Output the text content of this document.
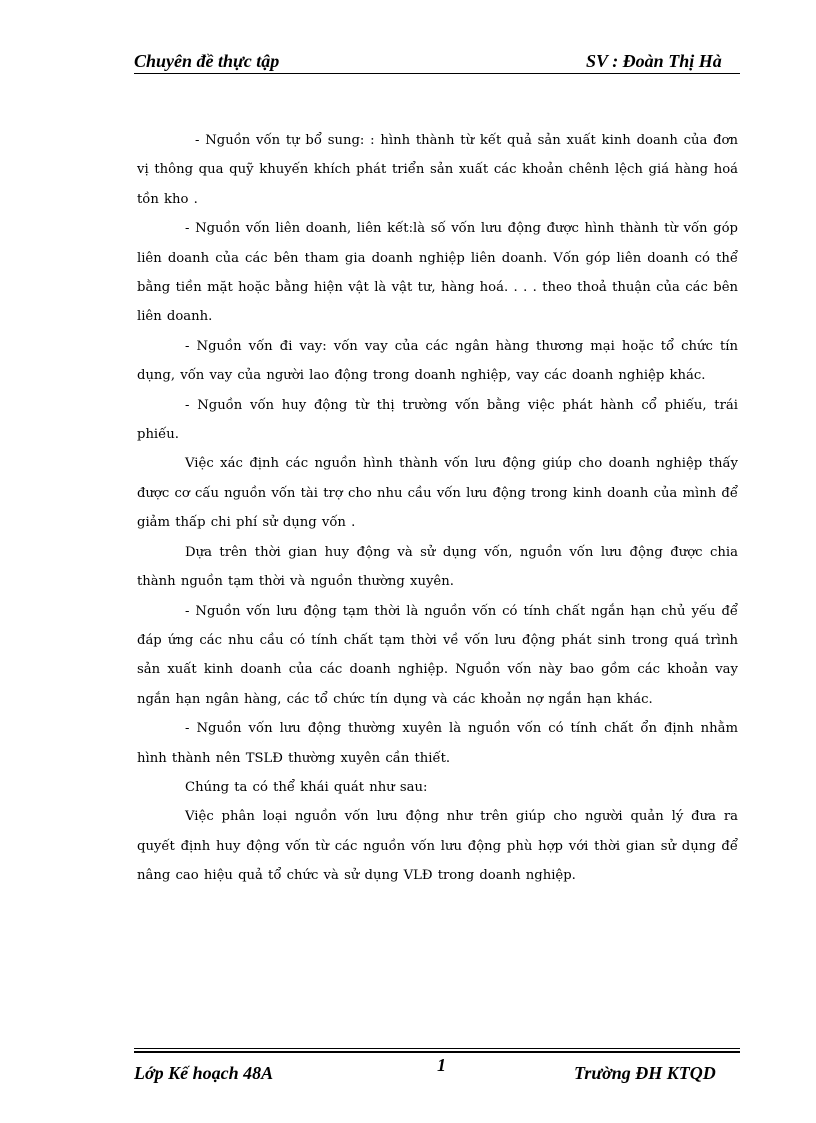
Chuyên đề thực tập	SV : Đoàn Thị Hà

- Nguồn vốn tự bổ sung: : hình thành từ kết quả sản xuất kinh doanh của đơn vị thông qua quỹ khuyến khích phát triển sản xuất các khoản chênh lệch giá hàng hoá tồn kho .

- Nguồn vốn liên doanh, liên kết:là số vốn lưu động được hình thành từ vốn góp liên doanh của các bên tham gia doanh nghiệp liên doanh. Vốn góp liên doanh có thể bằng tiền mặt hoặc bằng hiện vật là vật tư, hàng hoá. . . . theo thoả thuận của các bên liên doanh.

- Nguồn vốn đi vay: vốn vay của các ngân hàng thương mại hoặc tổ chức tín dụng, vốn vay của người lao động trong doanh nghiệp, vay các doanh nghiệp khác.

- Nguồn vốn huy động từ thị trường vốn bằng việc phát hành cổ phiếu, trái phiếu.

Việc xác định các nguồn hình thành vốn lưu động giúp cho doanh nghiệp thấy được cơ cấu nguồn vốn tài trợ cho nhu cầu vốn lưu động trong kinh doanh của mình để giảm thấp chi phí sử dụng vốn .

Dựa trên thời gian huy động và sử dụng vốn, nguồn vốn lưu động được chia thành nguồn tạm thời và nguồn thường xuyên.

- Nguồn vốn lưu động tạm thời là nguồn vốn có tính chất ngắn hạn chủ yếu để đáp ứng các nhu cầu có tính chất tạm thời về vốn lưu động phát sinh trong quá trình sản xuất kinh doanh của các doanh nghiệp. Nguồn vốn này bao gồm các khoản vay ngắn hạn ngân hàng, các tổ chức tín dụng và các khoản nợ ngắn hạn khác.

- Nguồn vốn lưu động thường xuyên là nguồn vốn có tính chất ổn định nhằm hình thành nên TSLĐ thường xuyên cần thiết.

Chúng ta có thể khái quát như sau:

Việc phân loại nguồn vốn lưu động như trên giúp cho người quản lý đưa ra quyết định huy động vốn từ các nguồn vốn lưu động phù hợp với thời gian sử dụng để nâng cao hiệu quả tổ chức và sử dụng VLĐ trong doanh nghiệp.

Lớp Kế hoạch 48A	1	Trường ĐH KTQD
